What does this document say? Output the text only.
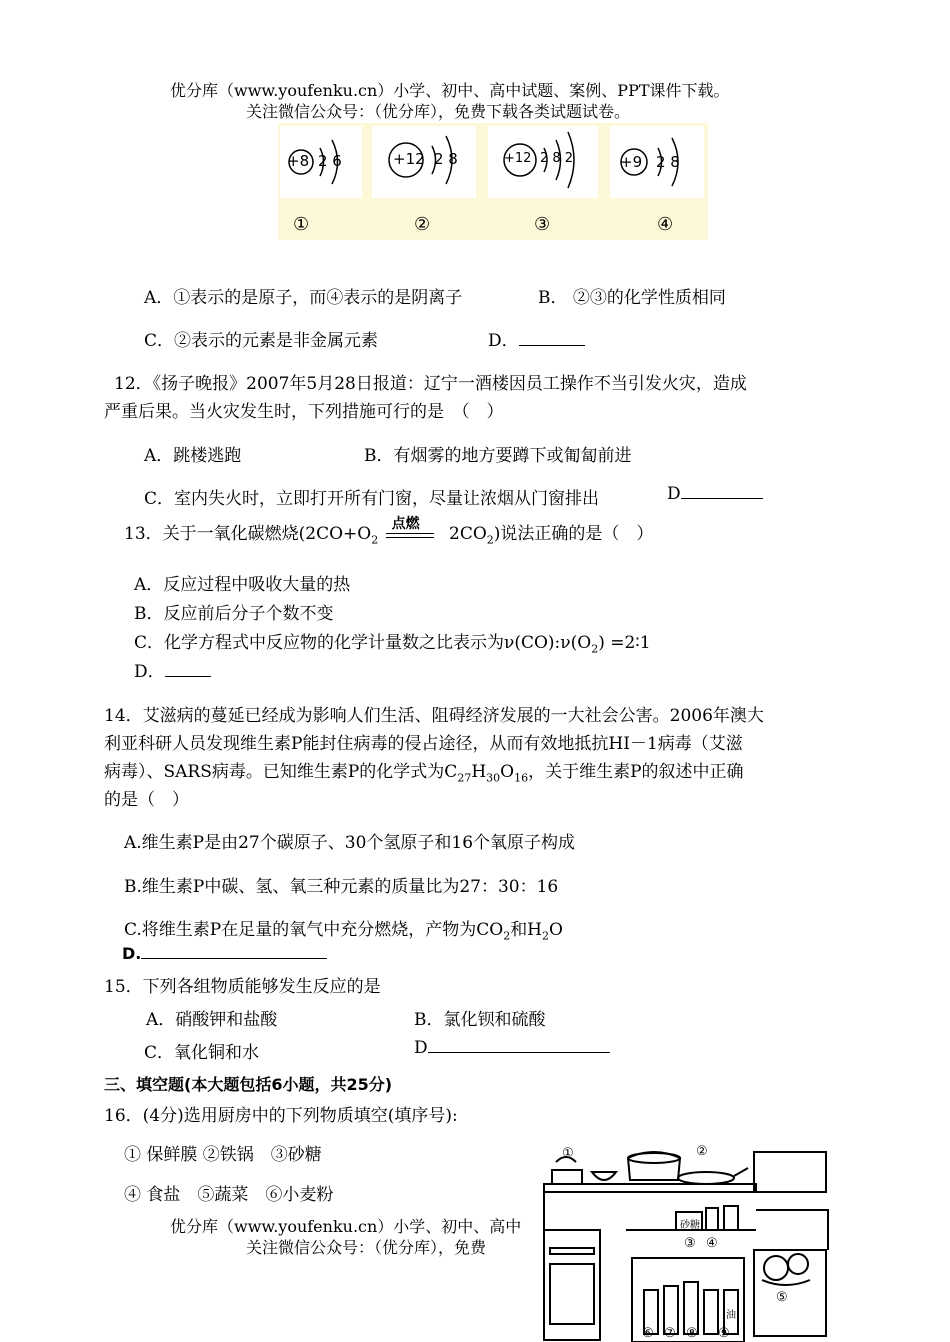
优分库（www.youfenku.cn）小学、初中、高中试题、案例、PPT课件下载。
关注微信公众号：（优分库），免费下载各类试题试卷。
+8 2 6
①
+12 2 8
②
+12 2 8 2
③
+9 2 8
④
A．①表示的是原子，而④表示的是阴离子	B． ②③的化学性质相同
C．②表示的元素是非金属元素	D．
12．《扬子晚报》2007年5月28日报道：辽宁一酒楼因员工操作不当引发火灾，造成
严重后果。当火灾发生时，下列措施可行的是　（　）
A．跳楼逃跑	B．有烟雾的地方要蹲下或匍匐前进
C．室内失火时，立即打开所有门窗，尽量让浓烟从门窗排出	D
13．关于一氧化碳燃烧($2CO+O_2$
点燃
$2CO_2$)说法正确的是（　）
A．反应过程中吸收大量的热
B．反应前后分子个数不变
C．化学方程式中反应物的化学计量数之比表示为$\nu(CO):\nu(O_2)$ =2∶1
D．
14．艾滋病的蔓延已经成为影响人们生活、阻碍经济发展的一大社会公害。2006年澳大
利亚科研人员发现维生素P能封住病毒的侵占途径，从而有效地抵抗HI－1病毒（艾滋
病毒）、SARS病毒。已知维生素P的化学式为$C_{27}H_{30}O_{16}$，关于维生素P的叙述中正确
的是（　）
A.维生素P是由27个碳原子、30个氢原子和16个氧原子构成
B.维生素P中碳、氢、氧三种元素的质量比为27：30：16
C.将维生素P在足量的氧气中充分燃烧，产物为$CO_2$和$H_2O$
D.
15．下列各组物质能够发生反应的是
A．硝酸钾和盐酸	B．氯化钡和硫酸
C．氧化铜和水	D
三、填空题(本大题包括6小题，共25分)
16．(4分)选用厨房中的下列物质填空(填序号):
① 保鲜膜 ②铁锅　③砂糖
④ 食盐　⑤蔬菜　⑥小麦粉
优分库（www.youfenku.cn）小学、初中、高中
关注微信公众号：（优分库），免费
①	②
砂糖
③ ④
⑤
油
⑥ ⑦ ⑧ ⑨
